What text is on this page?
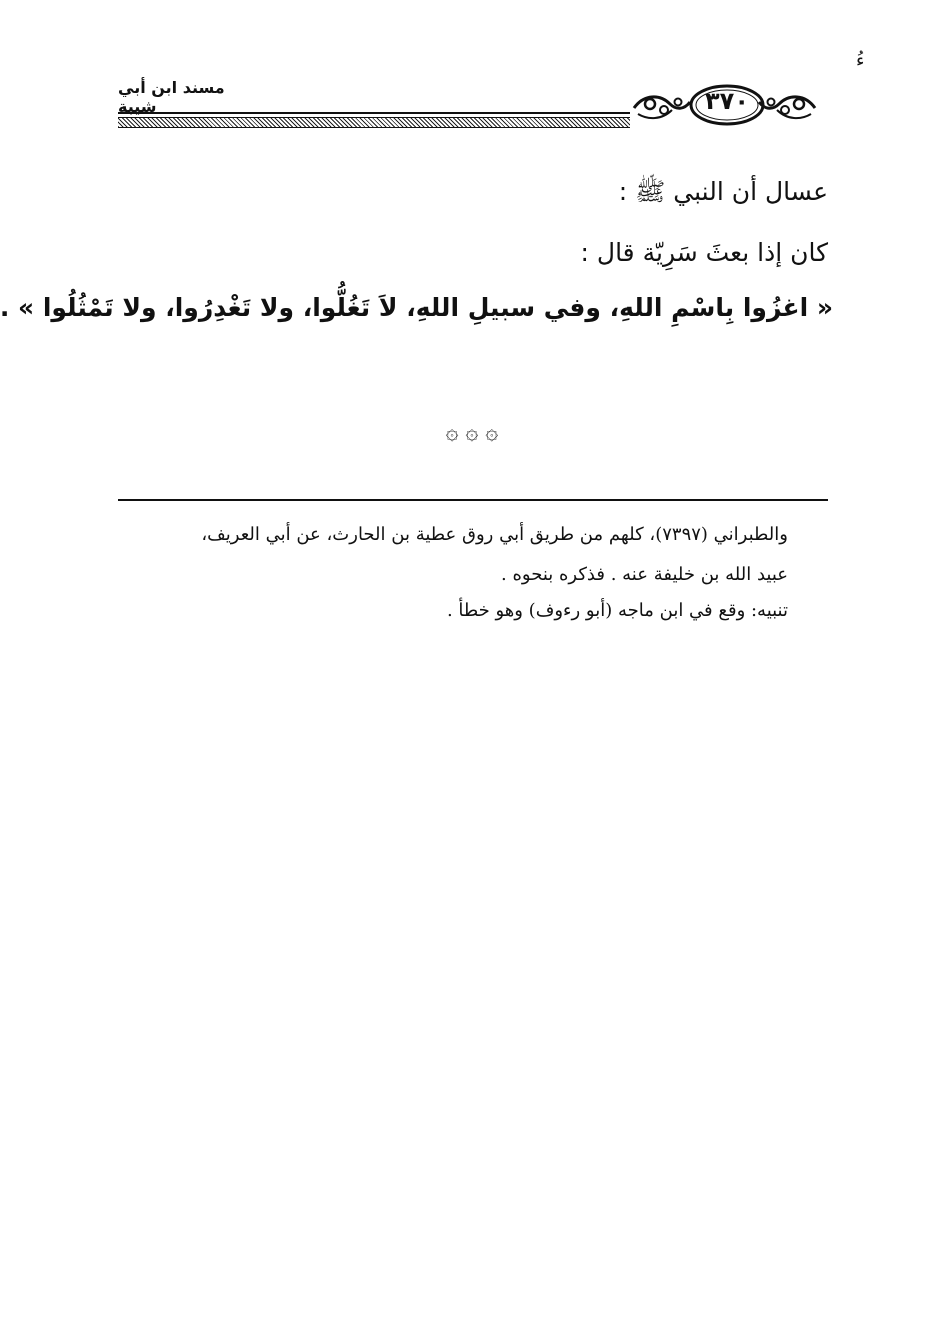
ءُ
مسند ابن أبي شيبة	٣٧٠
عسال أن النبي ﷺ :
كان إذا بعثَ سَرِيّة قال :
« اغزُوا بِاسْمِ اللهِ، وفي سبيلِ اللهِ، لاَ تَغُلُّوا، ولا تَغْدِرُوا، ولا تَمْثُلُوا » .
۞ ۞ ۞
والطبراني (٧٣٩٧)، كلهم من طريق أبي روق عطية بن الحارث، عن أبي العريف،
عبيد الله بن خليفة عنه . فذكره بنحوه .
تنبيه: وقع في ابن ماجه (أبو رءوف) وهو خطأ .
